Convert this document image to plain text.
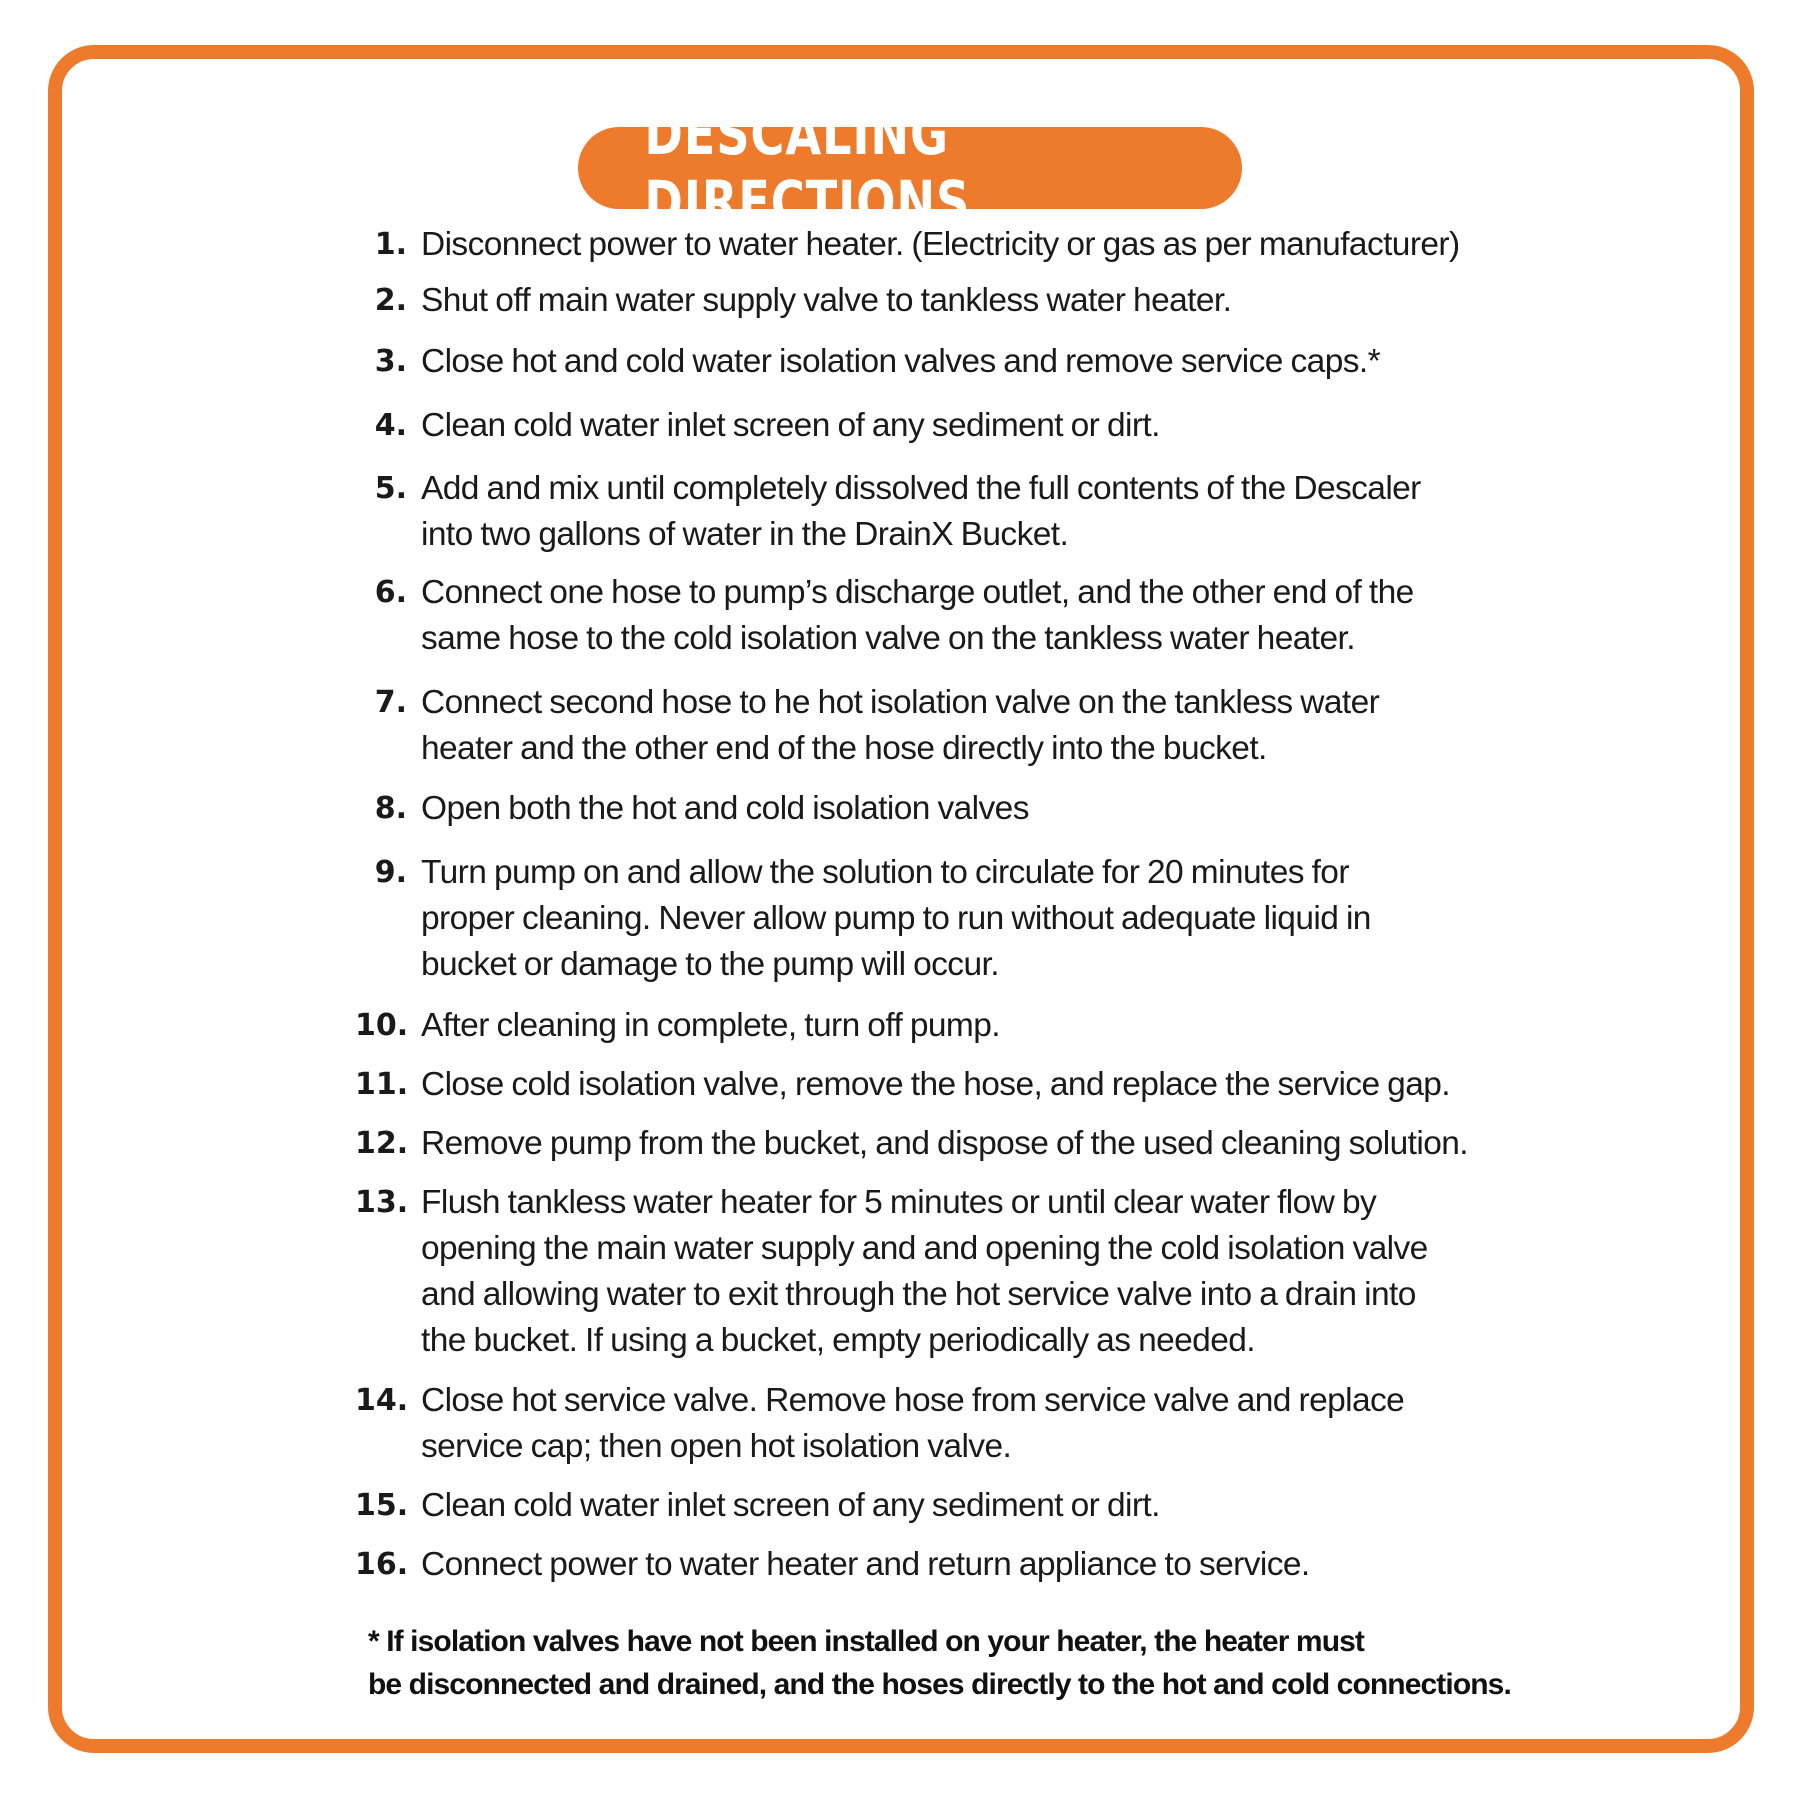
DESCALING DIRECTIONS
1. Disconnect power to water heater. (Electricity or gas as per manufacturer)
2. Shut off main water supply valve to tankless water heater.
3. Close hot and cold water isolation valves and remove service caps.*
4. Clean cold water inlet screen of any sediment or dirt.
5. Add and mix until completely dissolved the full contents of the Descaler
into two gallons of water in the DrainX Bucket.
6. Connect one hose to pump’s discharge outlet, and the other end of the
same hose to the cold isolation valve on the tankless water heater.
7. Connect second hose to he hot isolation valve on the tankless water
heater and the other end of the hose directly into the bucket.
8. Open both the hot and cold isolation valves
9. Turn pump on and allow the solution to circulate for 20 minutes for
proper cleaning. Never allow pump to run without adequate liquid in
bucket or damage to the pump will occur.
10. After cleaning in complete, turn off pump.
11. Close cold isolation valve, remove the hose, and replace the service gap.
12. Remove pump from the bucket, and dispose of the used cleaning solution.
13. Flush tankless water heater for 5 minutes or until clear water flow by
opening the main water supply and and opening the cold isolation valve
and allowing water to exit through the hot service valve into a drain into
the bucket. If using a bucket, empty periodically as needed.
14. Close hot service valve. Remove hose from service valve and replace
service cap; then open hot isolation valve.
15. Clean cold water inlet screen of any sediment or dirt.
16. Connect power to water heater and return appliance to service.
* If isolation valves have not been installed on your heater, the heater must
be disconnected and drained, and the hoses directly to the hot and cold connections.
